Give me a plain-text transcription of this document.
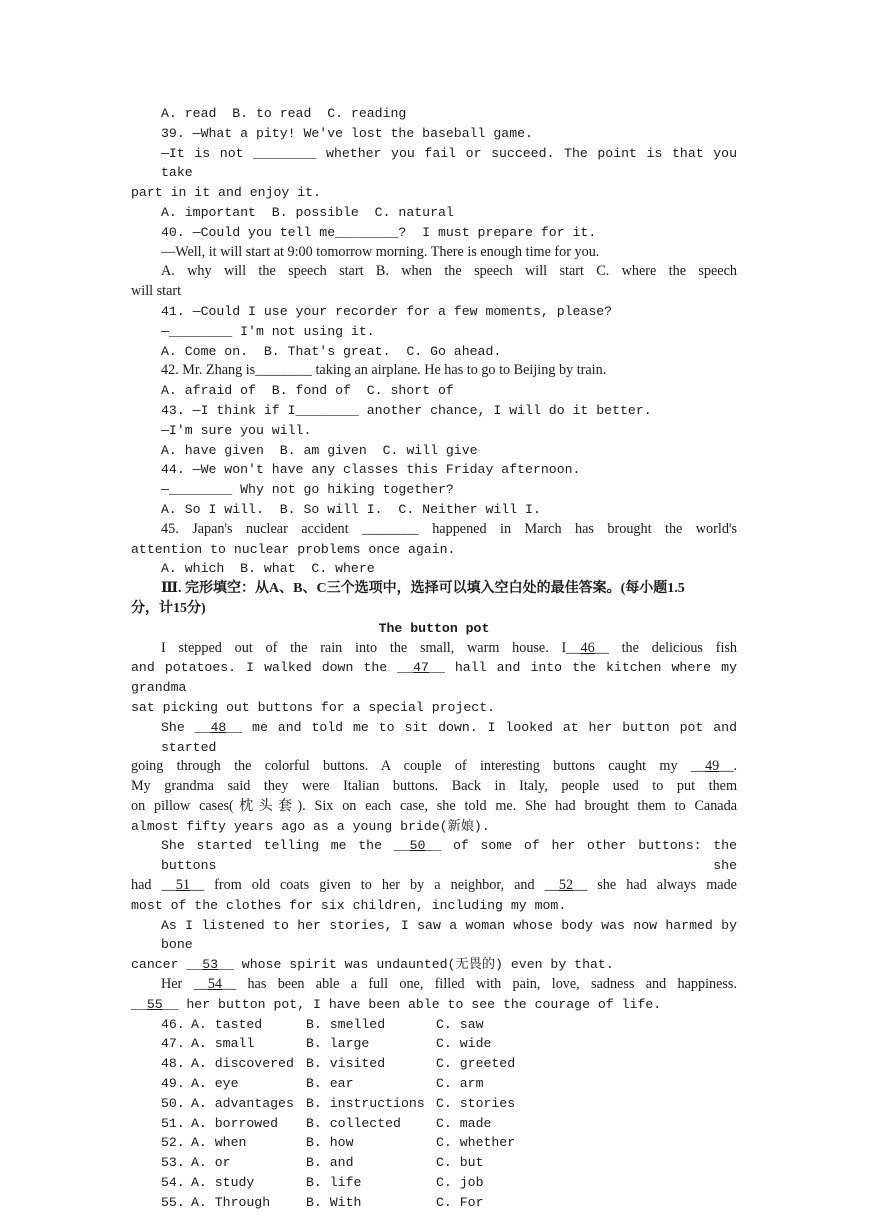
A. read  B. to read  C. reading
39. —What a pity! We've lost the baseball game.
—It is not ________ whether you fail or succeed. The point is that you take
part in it and enjoy it.
A. important  B. possible  C. natural
40. —Could you tell me________?  I must prepare for it.
—Well, it will start at 9:00 tomorrow morning. There is enough time for you.
A. why will the speech start B. when the speech will start C. where the speech
will start
41. —Could I use your recorder for a few moments, please?
—________ I'm not using it.
A. Come on.  B. That's great.  C. Go ahead.
42. Mr. Zhang is________ taking an airplane. He has to go to Beijing by train.
A. afraid of  B. fond of  C. short of
43. —I think if I________ another chance, I will do it better.
—I'm sure you will.
A. have given  B. am given  C. will give
44. —We won't have any classes this Friday afternoon.
—________ Why not go hiking together?
A. So I will.  B. So will I.  C. Neither will I.
45. Japan's nuclear accident ________ happened in March has brought the world's
attention to nuclear problems once again.
A. which  B. what  C. where
Ⅲ. 完形填空：从A、B、C三个选项中，选择可以填入空白处的最佳答案。(每小题1.5
分，计15分)
The button pot
I stepped out of the rain into the small, warm house. I__46__ the delicious fish
and potatoes. I walked down the __47__ hall and into the kitchen where my grandma
sat picking out buttons for a special project.
She __48__ me and told me to sit down. I looked at her button pot and started
going through the colorful buttons. A couple of interesting buttons caught my __49__.
My grandma said they were Italian buttons. Back in Italy, people used to put them
on pillow cases(枕头套). Six on each case, she told me. She had brought them to Canada
almost fifty years ago as a young bride(新娘).
She started telling me the __50__ of some of her other buttons: the buttons she
had __51__ from old coats given to her by a neighbor, and __52__ she had always made
most of the clothes for six children, including my mom.
As I listened to her stories, I saw a woman whose body was now harmed by bone
cancer __53__ whose spirit was undaunted(无畏的) even by that.
Her __54__ has been able a full one, filled with pain, love, sadness and happiness.
__55__ her button pot, I have been able to see the courage of life.
46. A. tasted	B. smelled	C. saw
47. A. small	B. large	C. wide
48. A. discovered B. visited	C. greeted
49. A. eye	B. ear	C. arm
50. A. advantages B. instructions C. stories
51. A. borrowed	B. collected	C. made
52. A. when	B. how	C. whether
53. A. or	B. and	C. but
54. A. study	B. life	C. job
55. A. Through	B. With	C. For
